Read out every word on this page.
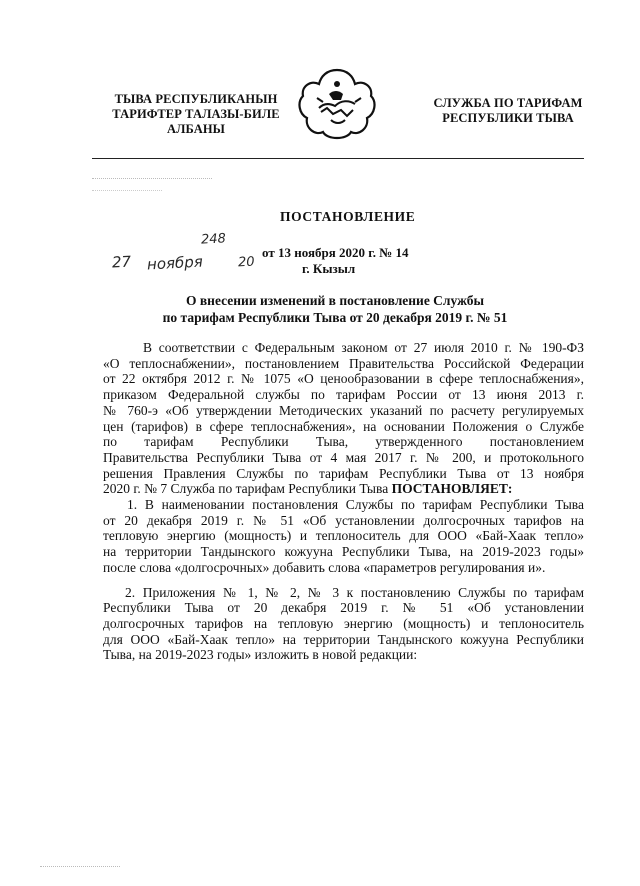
ТЫВА РЕСПУБЛИКАНЫН
ТАРИФТЕР ТАЛАЗЫ-БИЛЕ
АЛБАНЫ
СЛУЖБА ПО ТАРИФАМ
РЕСПУБЛИКИ ТЫВА
ПОСТАНОВЛЕНИЕ
27 ноября
248
20
от 13 ноября 2020 г. № 14
г. Кызыл
О внесении изменений в постановление Службы
по тарифам Республики Тыва от 20 декабря 2019 г. № 51
В соответствии с Федеральным законом от 27 июля 2010 г. № 190-ФЗ
«О теплоснабжении», постановлением Правительства Российской Федерации
от 22 октября 2012 г. № 1075 «О ценообразовании в сфере теплоснабжения»,
приказом Федеральной службы по тарифам России от 13 июня 2013 г.
№ 760-э «Об утверждении Методических указаний по расчету регулируемых
цен (тарифов) в сфере теплоснабжения», на основании Положения о Службе
по тарифам Республики Тыва, утвержденного постановлением
Правительства Республики Тыва от 4 мая 2017 г. № 200, и протокольного
решения Правления Службы по тарифам Республики Тыва от 13 ноября
2020 г. № 7 Служба по тарифам Республики Тыва ПОСТАНОВЛЯЕТ:
1. В наименовании постановления Службы по тарифам Республики Тыва
от 20 декабря 2019 г. № 51 «Об установлении долгосрочных тарифов на
тепловую энергию (мощность) и теплоноситель для ООО «Бай-Хаак тепло»
на территории Тандынского кожууна Республики Тыва, на 2019-2023 годы»
после слова «долгосрочных» добавить слова «параметров регулирования и».
2. Приложения № 1, № 2, № 3 к постановлению Службы по тарифам
Республики Тыва от 20 декабря 2019 г. № 51 «Об установлении
долгосрочных тарифов на тепловую энергию (мощность) и теплоноситель
для ООО «Бай-Хаак тепло» на территории Тандынского кожууна Республики
Тыва, на 2019-2023 годы» изложить в новой редакции:
